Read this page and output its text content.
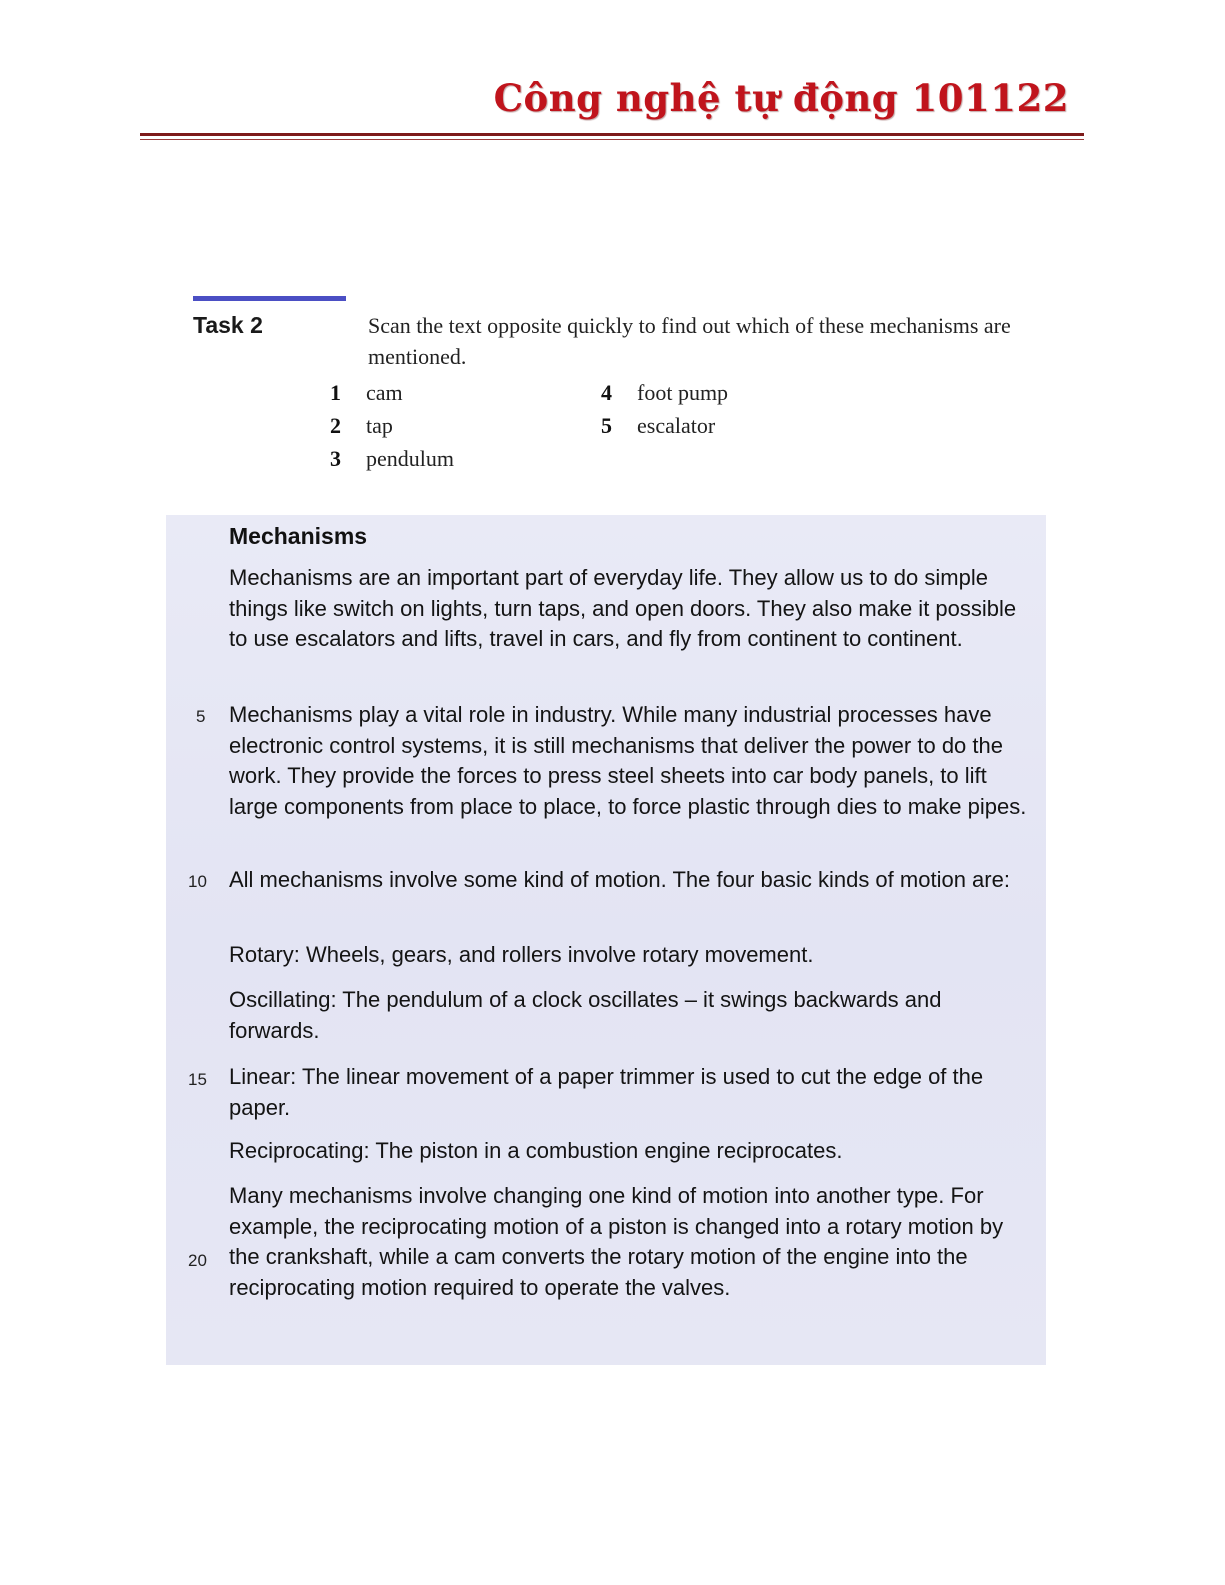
Công nghệ tự động 101122
Task 2	Scan the text opposite quickly to find out which of these mechanisms are mentioned.
1 cam
2 tap
3 pendulum
4 foot pump
5 escalator
Mechanisms
Mechanisms are an important part of everyday life. They allow us to do simple things like switch on lights, turn taps, and open doors. They also make it possible to use escalators and lifts, travel in cars, and fly from continent to continent.
5 Mechanisms play a vital role in industry. While many industrial processes have electronic control systems, it is still mechanisms that deliver the power to do the work. They provide the forces to press steel sheets into car body panels, to lift large components from place to place, to force plastic through dies to make pipes.
10 All mechanisms involve some kind of motion. The four basic kinds of motion are:
Rotary: Wheels, gears, and rollers involve rotary movement.
Oscillating: The pendulum of a clock oscillates – it swings backwards and forwards.
15 Linear: The linear movement of a paper trimmer is used to cut the edge of the paper.
Reciprocating: The piston in a combustion engine reciprocates.
20
Many mechanisms involve changing one kind of motion into another type. For example, the reciprocating motion of a piston is changed into a rotary motion by the crankshaft, while a cam converts the rotary motion of the engine into the reciprocating motion required to operate the valves.
